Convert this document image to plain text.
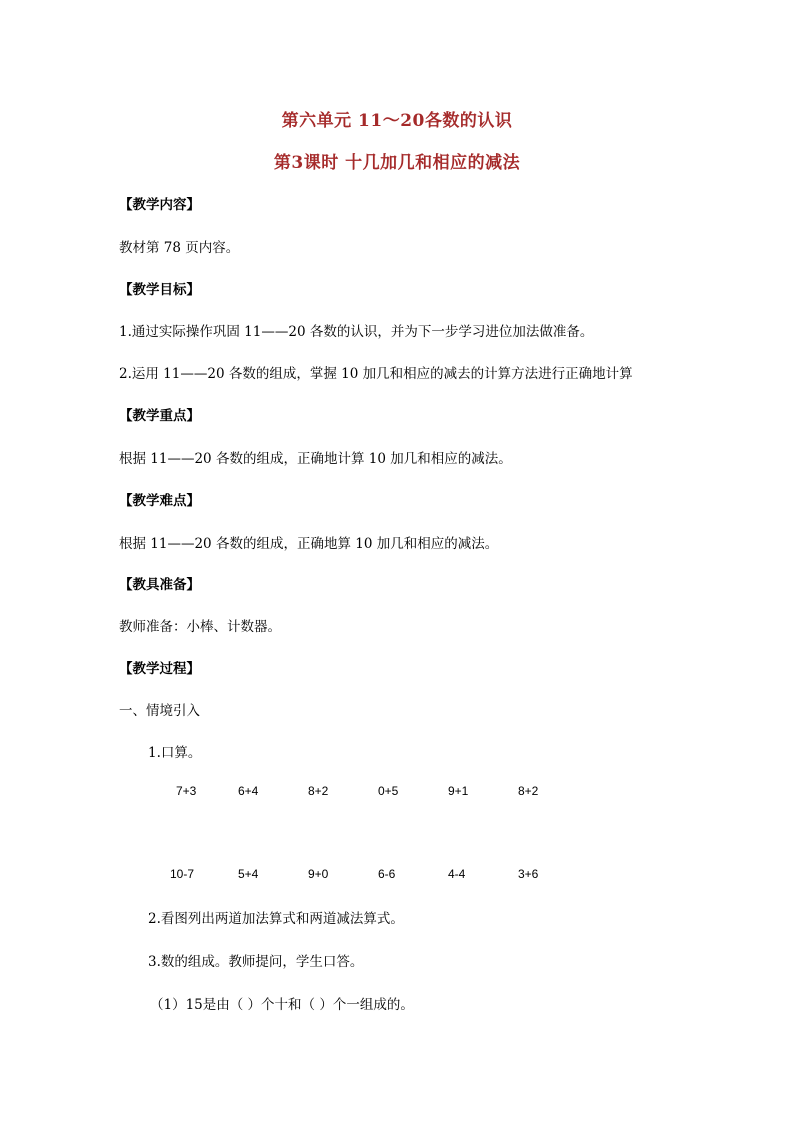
第六单元 11～20各数的认识
第3课时 十几加几和相应的减法
【教学内容】
教材第 78 页内容。
【教学目标】
1.通过实际操作巩固 11——20 各数的认识，并为下一步学习进位加法做准备。
2.运用 11——20 各数的组成，掌握 10 加几和相应的减去的计算方法进行正确地计算
【教学重点】
根据 11——20 各数的组成，正确地计算 10 加几和相应的减法。
【教学难点】
根据 11——20 各数的组成，正确地算 10 加几和相应的减法。
【教具准备】
教师准备：小棒、计数器。
【教学过程】
一、情境引入
1.口算。
7+3	6+4	8+2	0+5	9+1	8+2
10-7	5+4	9+0	6-6	4-4	3+6
2.看图列出两道加法算式和两道减法算式。
3.数的组成。教师提问，学生口答。
（1）15是由（ ）个十和（ ）个一组成的。
